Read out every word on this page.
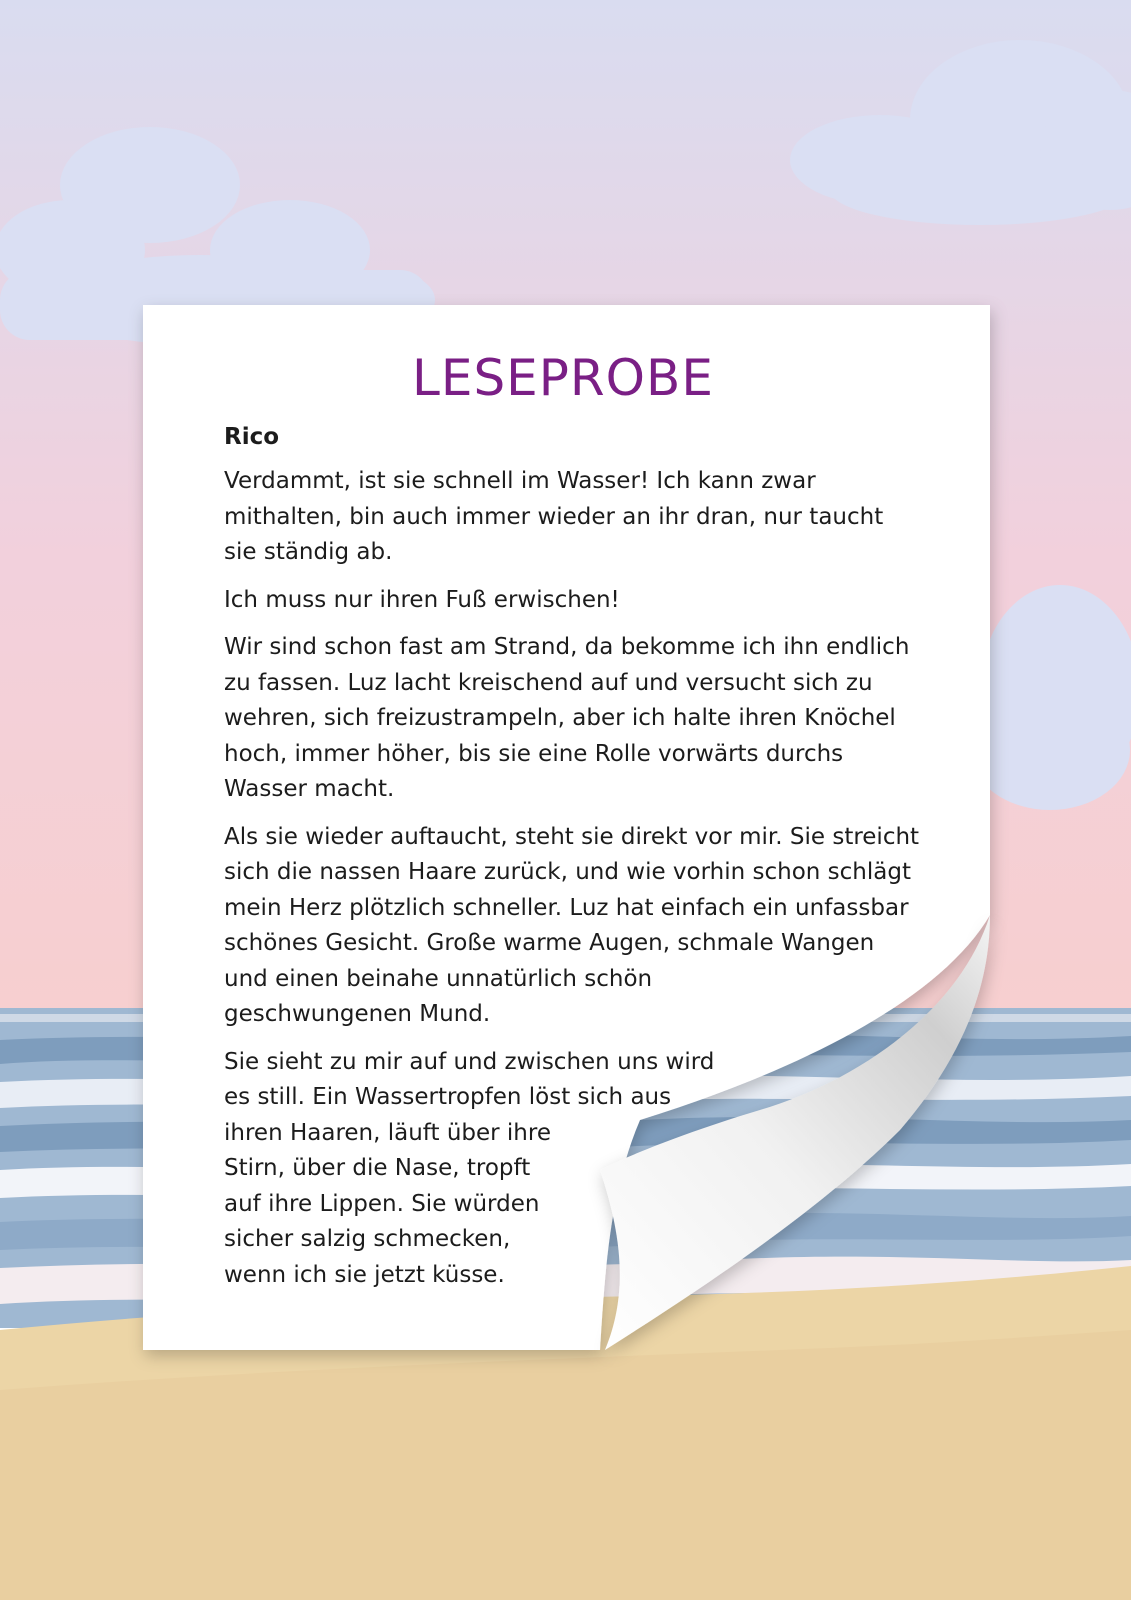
LESEPROBE
Rico

Verdammt, ist sie schnell im Wasser! Ich kann zwar
mithalten, bin auch immer wieder an ihr dran, nur taucht
sie ständig ab.

Ich muss nur ihren Fuß erwischen!

Wir sind schon fast am Strand, da bekomme ich ihn endlich
zu fassen. Luz lacht kreischend auf und versucht sich zu
wehren, sich freizustrampeln, aber ich halte ihren Knöchel
hoch, immer höher, bis sie eine Rolle vorwärts durchs
Wasser macht.

Als sie wieder auftaucht, steht sie direkt vor mir. Sie streicht
sich die nassen Haare zurück, und wie vorhin schon schlägt
mein Herz plötzlich schneller. Luz hat einfach ein unfassbar
schönes Gesicht. Große warme Augen, schmale Wangen
und einen beinahe unnatürlich schön
geschwungenen Mund.

Sie sieht zu mir auf und zwischen uns wird
es still. Ein Wassertropfen löst sich aus
ihren Haaren, läuft über ihre
Stirn, über die Nase, tropft
auf ihre Lippen. Sie würden
sicher salzig schmecken,
wenn ich sie jetzt küsse.
